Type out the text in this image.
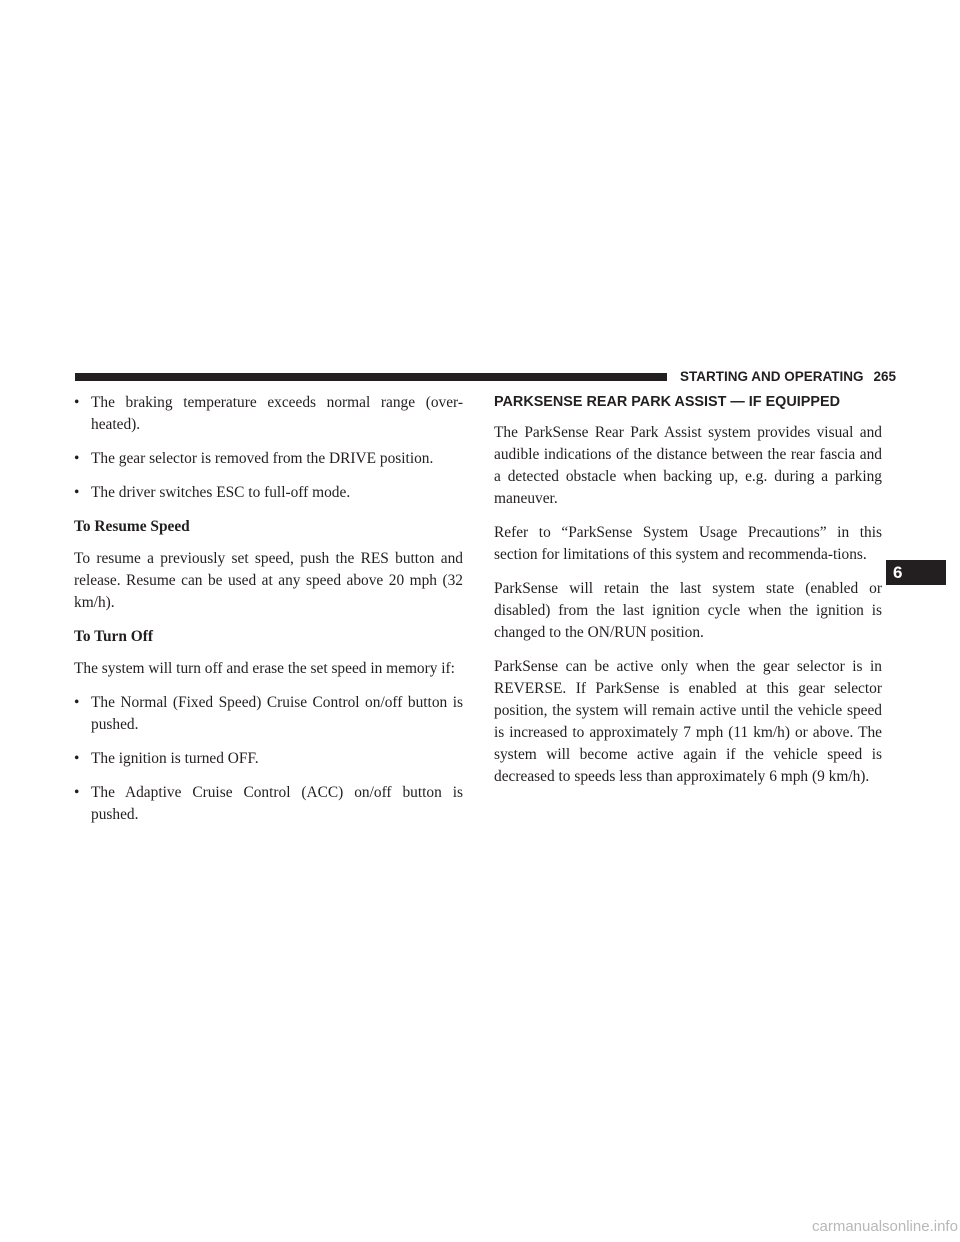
STARTING AND OPERATING 265
6
• The braking temperature exceeds normal range (over-heated).
• The gear selector is removed from the DRIVE position.
• The driver switches ESC to full-off mode.
To Resume Speed

To resume a previously set speed, push the RES button and release. Resume can be used at any speed above 20 mph (32 km/h).

To Turn Off

The system will turn off and erase the set speed in memory if:

• The Normal (Fixed Speed) Cruise Control on/off button is pushed.
• The ignition is turned OFF.
• The Adaptive Cruise Control (ACC) on/off button is pushed.
PARKSENSE REAR PARK ASSIST — IF EQUIPPED

The ParkSense Rear Park Assist system provides visual and audible indications of the distance between the rear fascia and a detected obstacle when backing up, e.g. during a parking maneuver.

Refer to “ParkSense System Usage Precautions” in this section for limitations of this system and recommenda-tions.

ParkSense will retain the last system state (enabled or disabled) from the last ignition cycle when the ignition is changed to the ON/RUN position.

ParkSense can be active only when the gear selector is in REVERSE. If ParkSense is enabled at this gear selector position, the system will remain active until the vehicle speed is increased to approximately 7 mph (11 km/h) or above. The system will become active again if the vehicle speed is decreased to speeds less than approximately 6 mph (9 km/h).

carmanualsonline.info
